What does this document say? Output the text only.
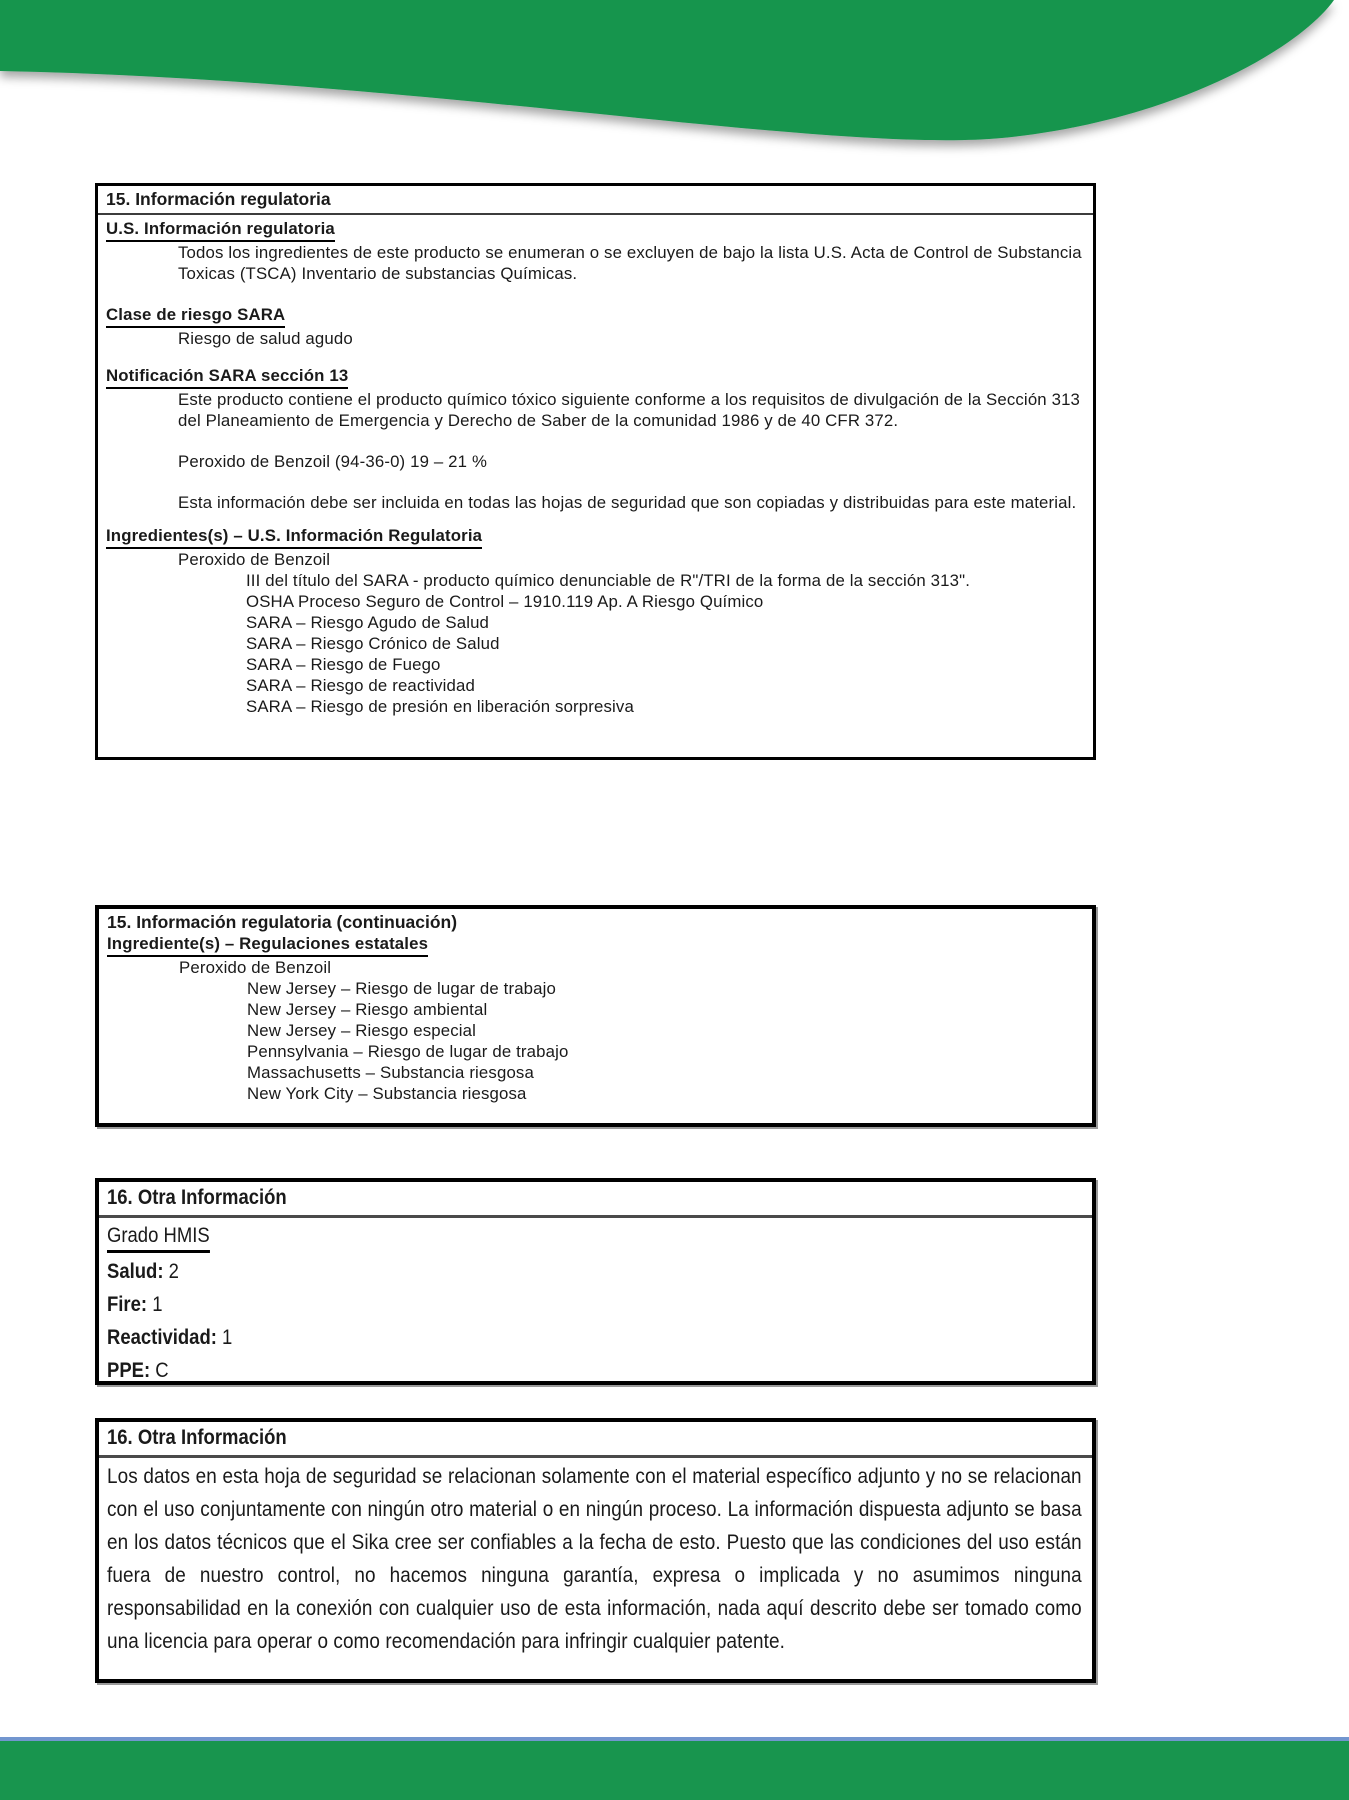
15. Información regulatoria
U.S. Información regulatoria
Todos los ingredientes de este producto se enumeran o se excluyen de bajo la lista U.S. Acta de Control de Substancia Toxicas (TSCA) Inventario de substancias Químicas.
Clase de riesgo SARA
Riesgo de salud agudo
Notificación SARA sección 13
Este producto contiene el producto químico tóxico siguiente conforme a los requisitos de divulgación de la Sección 313 del Planeamiento de Emergencia y Derecho de Saber de la comunidad 1986 y de 40 CFR 372.
Peroxido de Benzoil (94-36-0) 19 – 21 %
Esta información debe ser incluida en todas las hojas de seguridad que son copiadas y distribuidas para este material.
Ingredientes(s) – U.S. Información Regulatoria
Peroxido de Benzoil
III del título del SARA - producto químico denunciable de R"/TRI de la forma de la sección 313".
OSHA Proceso Seguro de Control – 1910.119 Ap. A Riesgo Químico
SARA – Riesgo Agudo de Salud
SARA – Riesgo Crónico de Salud
SARA – Riesgo de Fuego
SARA – Riesgo de reactividad
SARA – Riesgo de presión en liberación sorpresiva
15. Información regulatoria (continuación)
Ingrediente(s) – Regulaciones estatales
Peroxido de Benzoil
New Jersey – Riesgo de lugar de trabajo
New Jersey – Riesgo ambiental
New Jersey – Riesgo especial
Pennsylvania – Riesgo de lugar de trabajo
Massachusetts – Substancia riesgosa
New York City – Substancia riesgosa
16. Otra Información
Grado HMIS
Salud: 2
Fire: 1
Reactividad: 1
PPE: C
16. Otra Información
Los datos en esta hoja de seguridad se relacionan solamente con el material específico adjunto y no se relacionan con el uso conjuntamente con ningún otro material o en ningún proceso. La información dispuesta adjunto se basa en los datos técnicos que el Sika cree ser confiables a la fecha de esto. Puesto que las condiciones del uso están fuera de nuestro control, no hacemos ninguna garantía, expresa o implicada y no asumimos ninguna responsabilidad en la conexión con cualquier uso de esta información, nada aquí descrito debe ser tomado como una licencia para operar o como recomendación para infringir cualquier patente.
